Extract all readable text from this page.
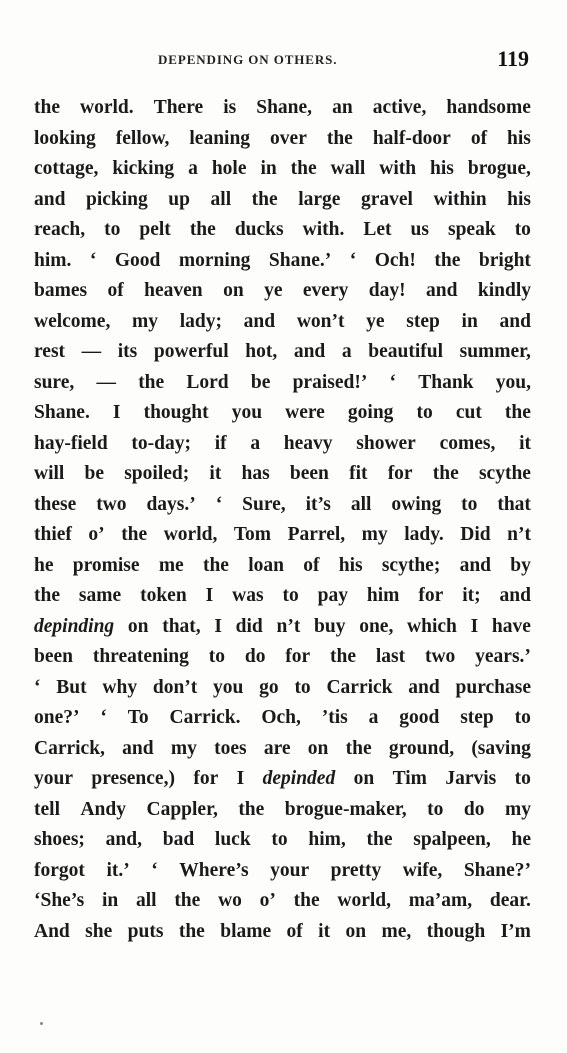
DEPENDING ON OTHERS.	119
the world. There is Shane, an active, handsome
looking fellow, leaning over the half-door of his
cottage, kicking a hole in the wall with his brogue,
and picking up all the large gravel within his
reach, to pelt the ducks with. Let us speak to
him. ‘ Good morning Shane.’ ‘ Och! the bright
bames of heaven on ye every day! and kindly
welcome, my lady; and won’t ye step in and
rest — its powerful hot, and a beautiful summer,
sure, — the Lord be praised!’ ‘ Thank you,
Shane. I thought you were going to cut the
hay-field to-day; if a heavy shower comes, it
will be spoiled; it has been fit for the scythe
these two days.’ ‘ Sure, it’s all owing to that
thief o’ the world, Tom Parrel, my lady. Did n’t
he promise me the loan of his scythe; and by
the same token I was to pay him for it; and
depinding on that, I did n’t buy one, which I have
been threatening to do for the last two years.’
‘ But why don’t you go to Carrick and purchase
one?’ ‘ To Carrick. Och, ’tis a good step to
Carrick, and my toes are on the ground, (saving
your presence,) for I depinded on Tim Jarvis to
tell Andy Cappler, the brogue-maker, to do my
shoes; and, bad luck to him, the spalpeen, he
forgot it.’ ‘ Where’s your pretty wife, Shane?’
‘She’s in all the wo o’ the world, ma’am, dear.
And she puts the blame of it on me, though I’m
